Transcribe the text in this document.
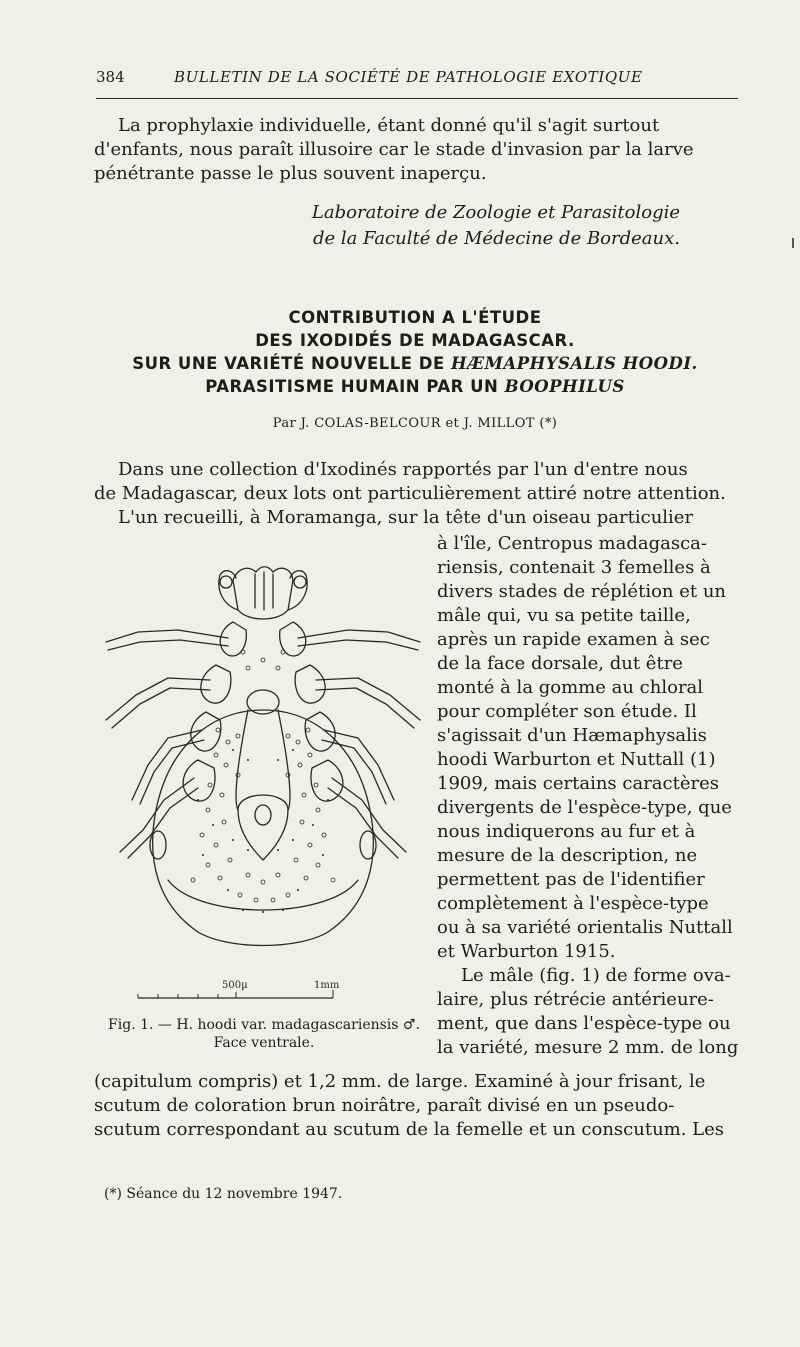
384	BULLETIN DE LA SOCIÉTÉ DE PATHOLOGIE EXOTIQUE

La prophylaxie individuelle, étant donné qu'il s'agit surtout
d'enfants, nous paraît illusoire car le stade d'invasion par la larve
pénétrante passe le plus souvent inaperçu.

Laboratoire de Zoologie et Parasitologie
de la Faculté de Médecine de Bordeaux.
CONTRIBUTION A L'ÉTUDE
DES IXODIDÉS DE MADAGASCAR.
SUR UNE VARIÉTÉ NOUVELLE DE HÆMAPHYSALIS HOODI.
PARASITISME HUMAIN PAR UN BOOPHILUS
Par J. COLAS-BELCOUR et J. MILLOT (*)

Dans une collection d'Ixodinés rapportés par l'un d'entre nous
de Madagascar, deux lots ont particulièrement attiré notre attention.
L'un recueilli, à Moramanga, sur la tête d'un oiseau particulier

à l'île, Centropus madagasca-
riensis, contenait 3 femelles à
divers stades de réplétion et un
mâle qui, vu sa petite taille,
après un rapide examen à sec
de la face dorsale, dut être
monté à la gomme au chloral
pour compléter son étude. Il
s'agissait d'un Hæmaphysalis
hoodi Warburton et Nuttall (1)
1909, mais certains caractères
divergents de l'espèce-type, que
nous indiquerons au fur et à
mesure de la description, ne
permettent pas de l'identifier
complètement à l'espèce-type
ou à sa variété orientalis Nuttall
et Warburton 1915.
Le mâle (fig. 1) de forme ova-
laire, plus rétrécie antérieure-
ment, que dans l'espèce-type ou
la variété, mesure 2 mm. de long

500µ	1mm
Fig. 1. — H. hoodi var. madagascariensis ♂.
Face ventrale.

(capitulum compris) et 1,2 mm. de large. Examiné à jour frisant, le
scutum de coloration brun noirâtre, paraît divisé en un pseudo-
scutum correspondant au scutum de la femelle et un conscutum. Les

(*) Séance du 12 novembre 1947.
